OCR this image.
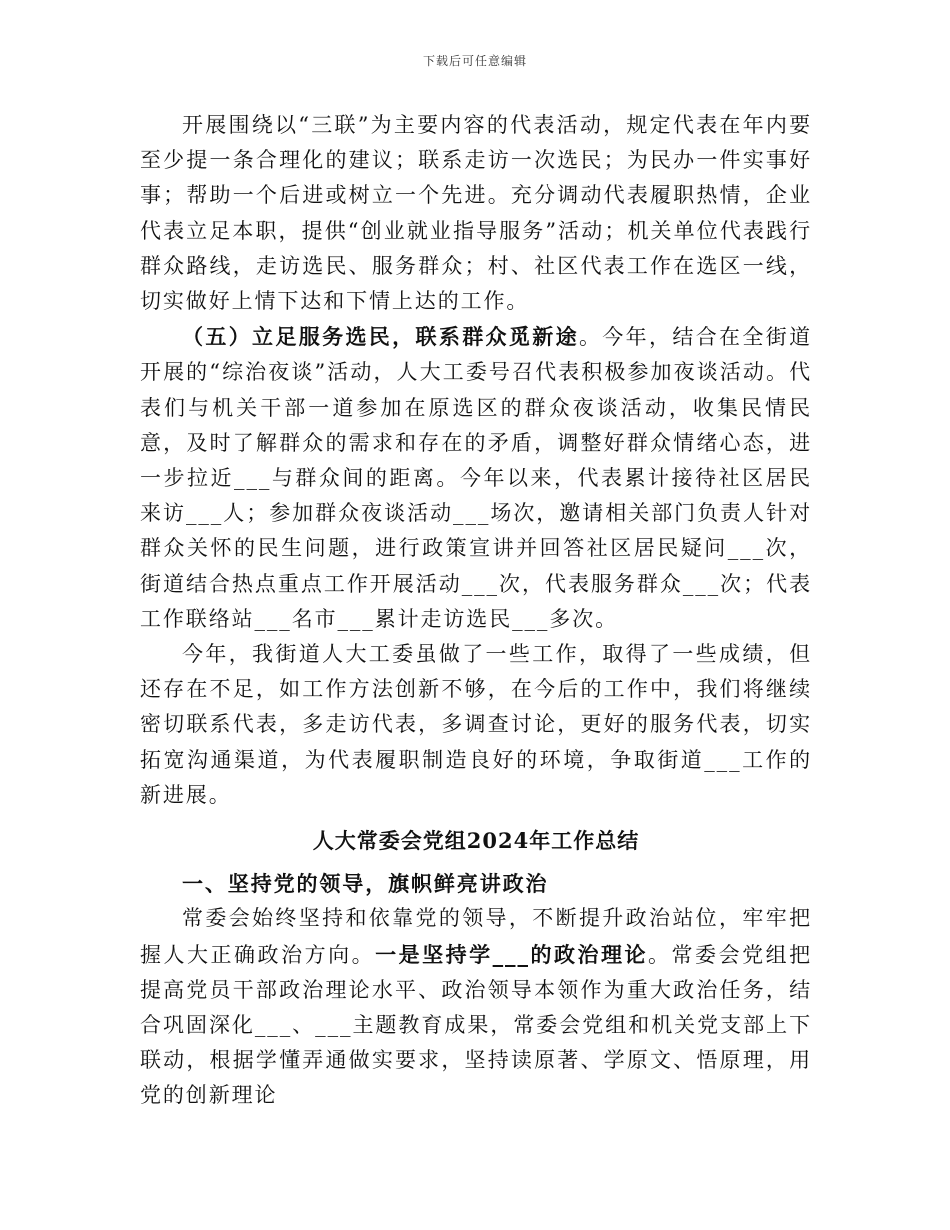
下载后可任意编辑

开展围绕以“三联”为主要内容的代表活动，规定代表在年内要至少提一条合理化的建议；联系走访一次选民；为民办一件实事好事；帮助一个后进或树立一个先进。充分调动代表履职热情，企业代表立足本职，提供“创业就业指导服务”活动；机关单位代表践行群众路线，走访选民、服务群众；村、社区代表工作在选区一线，切实做好上情下达和下情上达的工作。

（五）立足服务选民，联系群众觅新途。今年，结合在全街道开展的“综治夜谈”活动，人大工委号召代表积极参加夜谈活动。代表们与机关干部一道参加在原选区的群众夜谈活动，收集民情民意，及时了解群众的需求和存在的矛盾，调整好群众情绪心态，进一步拉近___与群众间的距离。今年以来，代表累计接待社区居民来访___人；参加群众夜谈活动___场次，邀请相关部门负责人针对群众关怀的民生问题，进行政策宣讲并回答社区居民疑问___次，街道结合热点重点工作开展活动___次，代表服务群众___次；代表工作联络站___名市___累计走访选民___多次。

今年，我街道人大工委虽做了一些工作，取得了一些成绩，但还存在不足，如工作方法创新不够，在今后的工作中，我们将继续密切联系代表，多走访代表，多调查讨论，更好的服务代表，切实拓宽沟通渠道，为代表履职制造良好的环境，争取街道___工作的新进展。

人大常委会党组2024年工作总结

一、坚持党的领导，旗帜鲜亮讲政治

常委会始终坚持和依靠党的领导，不断提升政治站位，牢牢把握人大正确政治方向。一是坚持学___的政治理论。常委会党组把提高党员干部政治理论水平、政治领导本领作为重大政治任务，结合巩固深化___、___主题教育成果，常委会党组和机关党支部上下联动，根据学懂弄通做实要求，坚持读原著、学原文、悟原理，用党的创新理论
